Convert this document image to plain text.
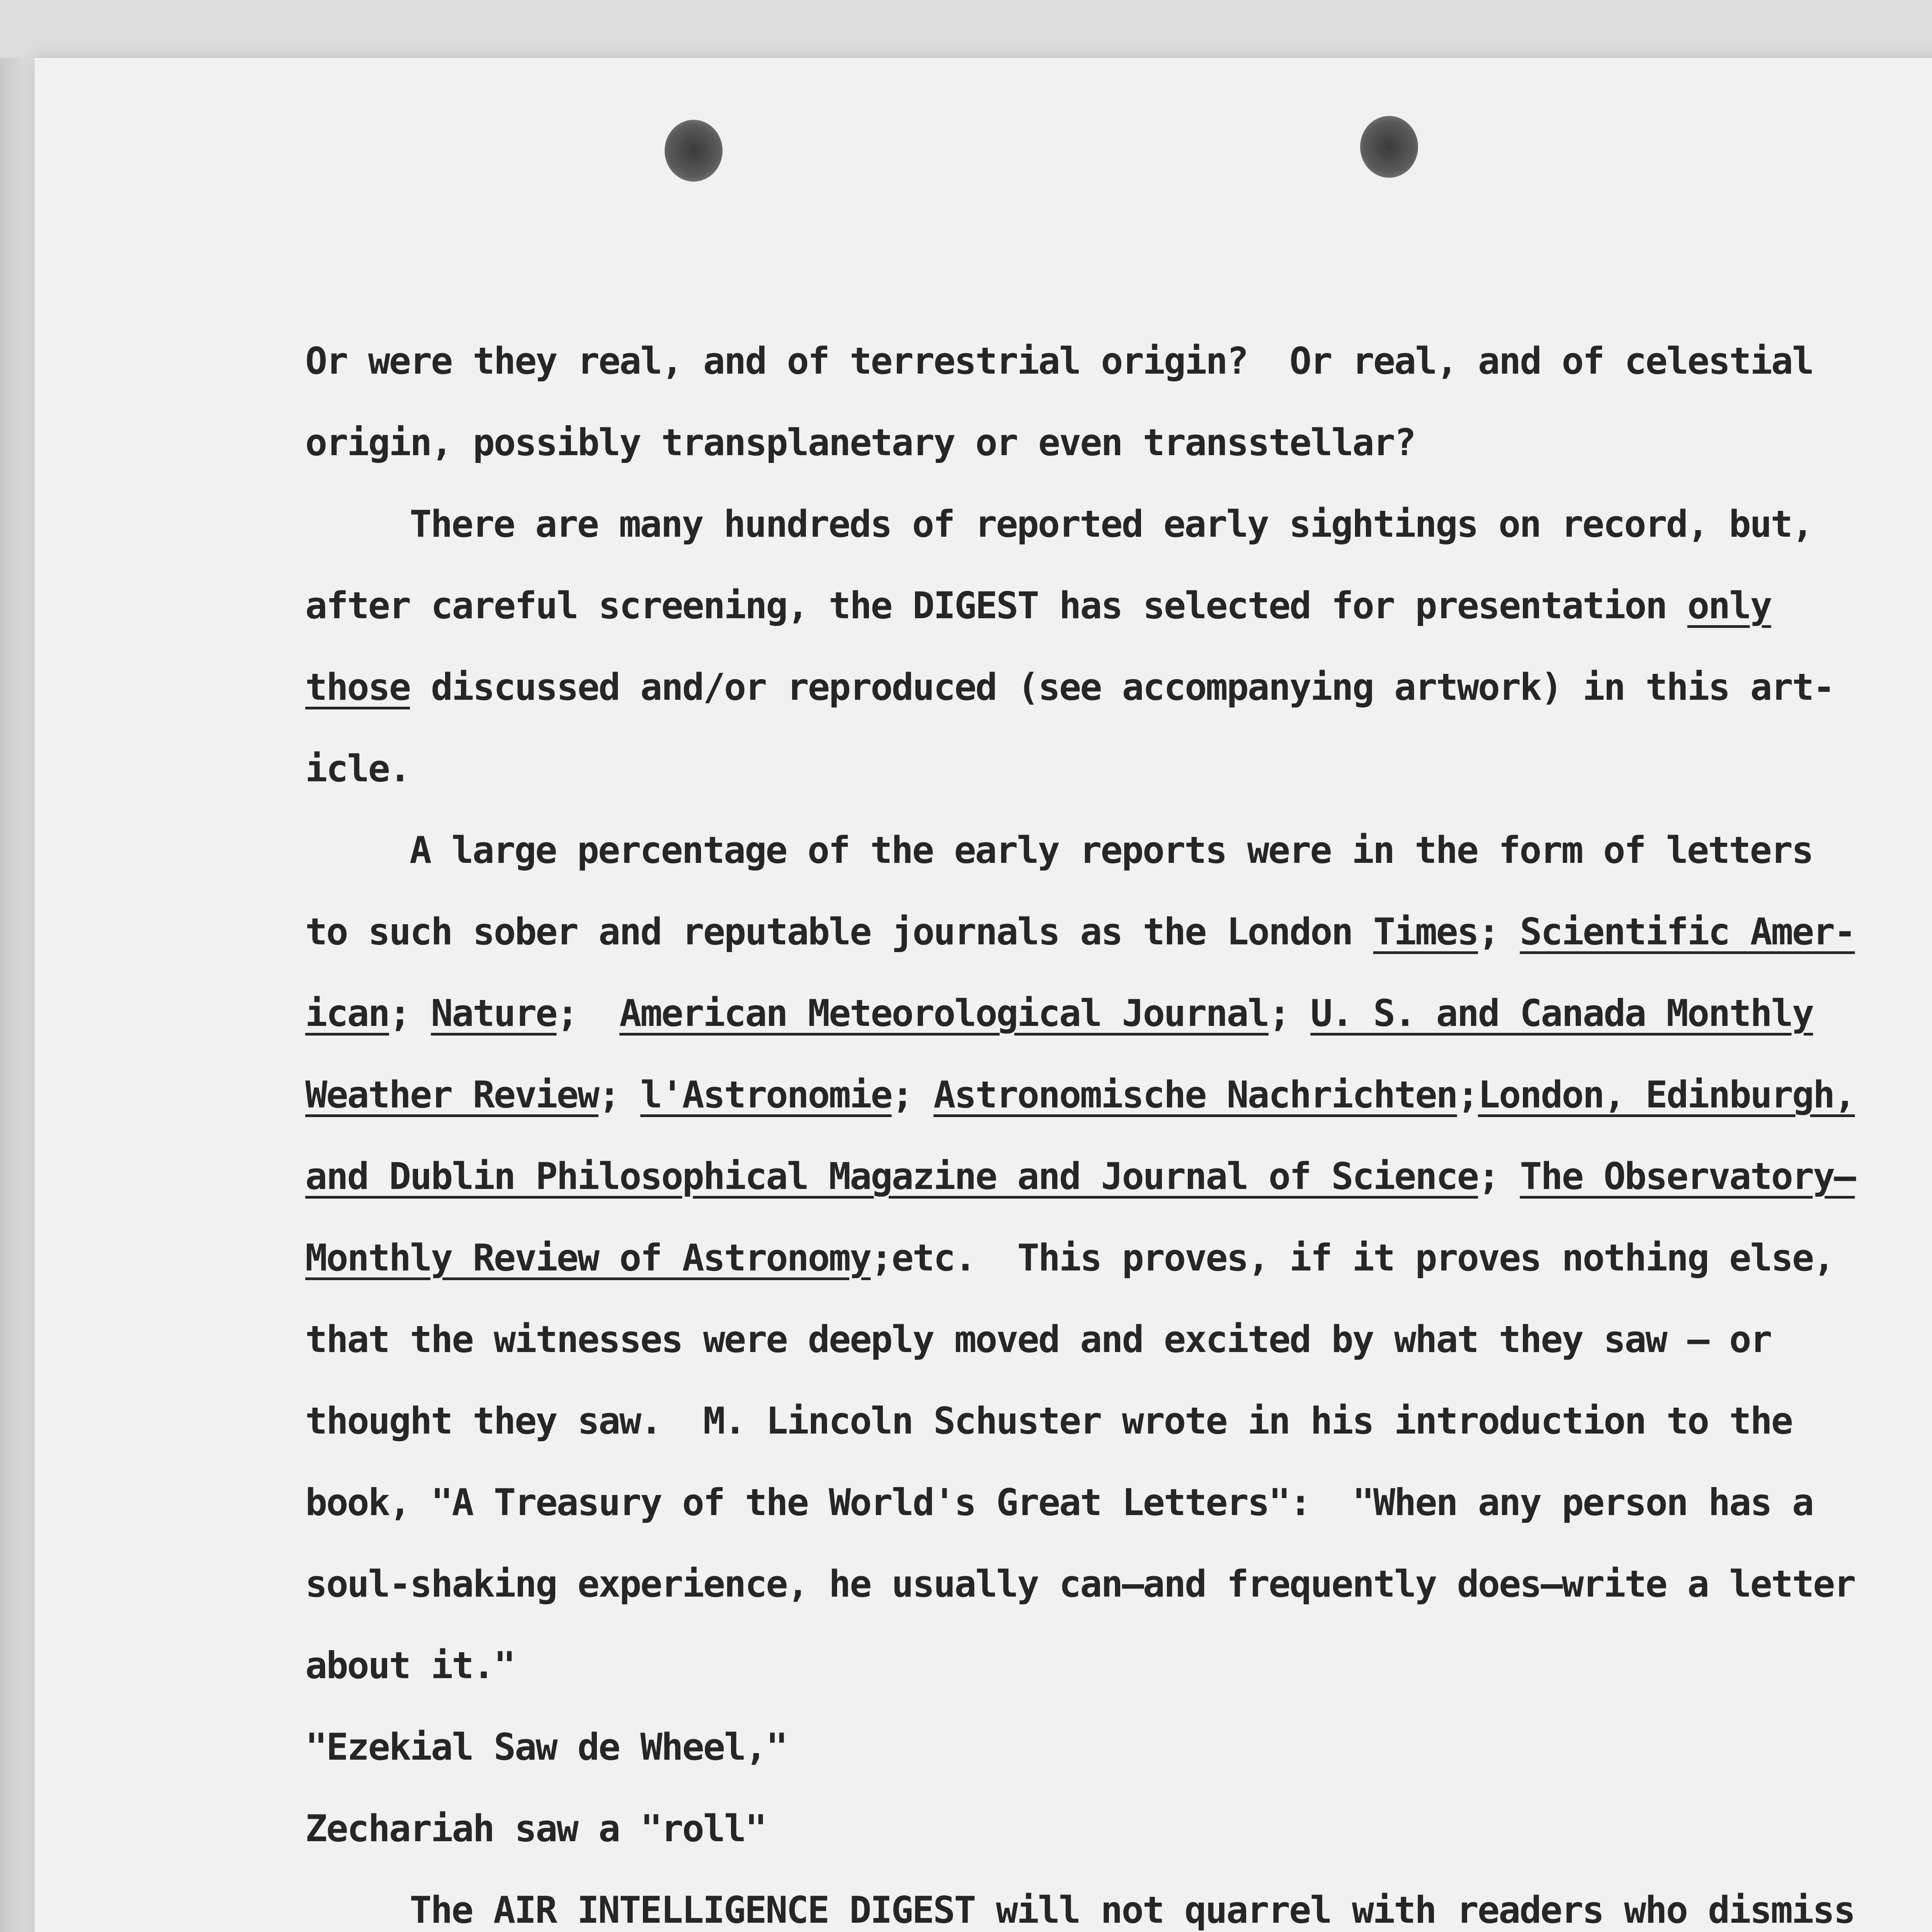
Or were they real, and of terrestrial origin?  Or real, and of celestial
origin, possibly transplanetary or even transstellar?
There are many hundreds of reported early sightings on record, but,
after careful screening, the DIGEST has selected for presentation only
those discussed and/or reproduced (see accompanying artwork) in this art-
icle.
A large percentage of the early reports were in the form of letters
to such sober and reputable journals as the London Times; Scientific Amer-
ican; Nature;  American Meteorological Journal; U. S. and Canada Monthly
Weather Review; l'Astronomie; Astronomische Nachrichten;London, Edinburgh,
and Dublin Philosophical Magazine and Journal of Science; The Observatory—
Monthly Review of Astronomy;etc.  This proves, if it proves nothing else,
that the witnesses were deeply moved and excited by what they saw — or
thought they saw.  M. Lincoln Schuster wrote in his introduction to the
book, "A Treasury of the World's Great Letters":  "When any person has a
soul-shaking experience, he usually can—and frequently does—write a letter
about it."
"Ezekial Saw de Wheel,"
Zechariah saw a "roll"
The AIR INTELLIGENCE DIGEST will not quarrel with readers who dismiss
